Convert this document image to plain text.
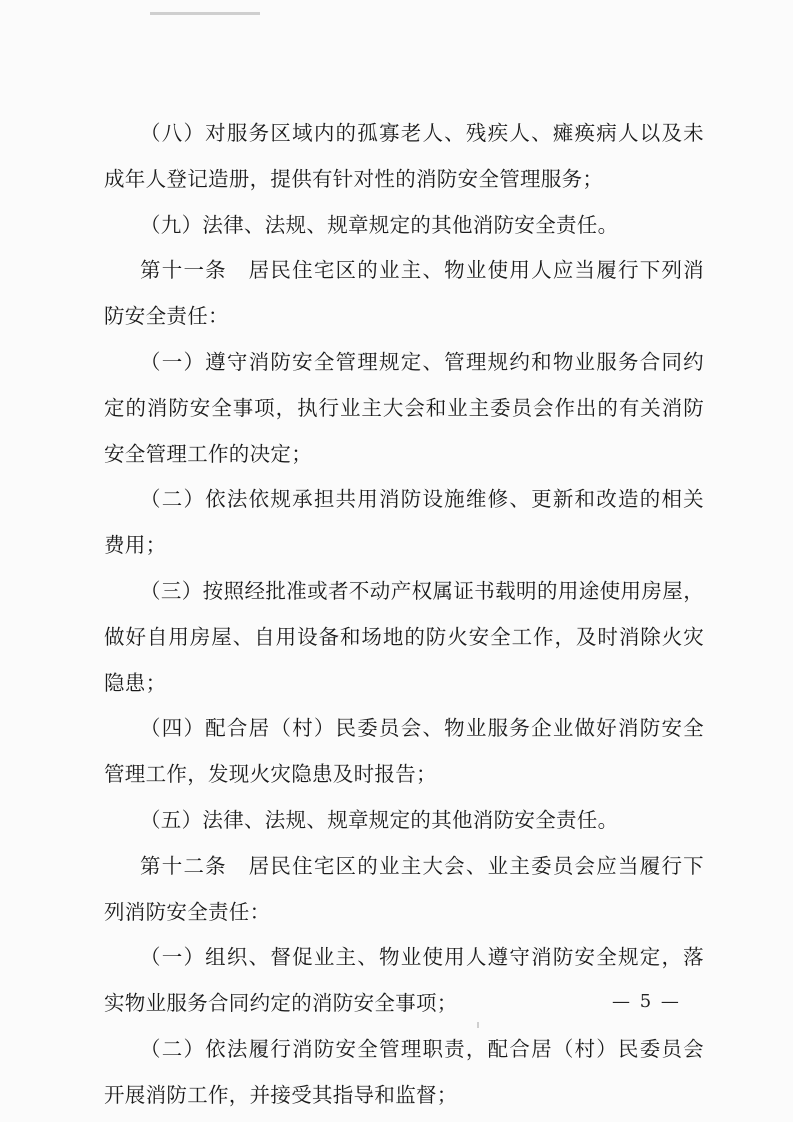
（八）对服务区域内的孤寡老人、残疾人、瘫痪病人以及未
成年人登记造册，提供有针对性的消防安全管理服务；
（九）法律、法规、规章规定的其他消防安全责任。
第十一条　居民住宅区的业主、物业使用人应当履行下列消
防安全责任：
（一）遵守消防安全管理规定、管理规约和物业服务合同约
定的消防安全事项，执行业主大会和业主委员会作出的有关消防
安全管理工作的决定；
（二）依法依规承担共用消防设施维修、更新和改造的相关
费用；
（三）按照经批准或者不动产权属证书载明的用途使用房屋，
做好自用房屋、自用设备和场地的防火安全工作，及时消除火灾
隐患；
（四）配合居（村）民委员会、物业服务企业做好消防安全
管理工作，发现火灾隐患及时报告；
（五）法律、法规、规章规定的其他消防安全责任。
第十二条　居民住宅区的业主大会、业主委员会应当履行下
列消防安全责任：
（一）组织、督促业主、物业使用人遵守消防安全规定，落
实物业服务合同约定的消防安全事项；
（二）依法履行消防安全管理职责，配合居（村）民委员会
开展消防工作，并接受其指导和监督；
— 5 —
